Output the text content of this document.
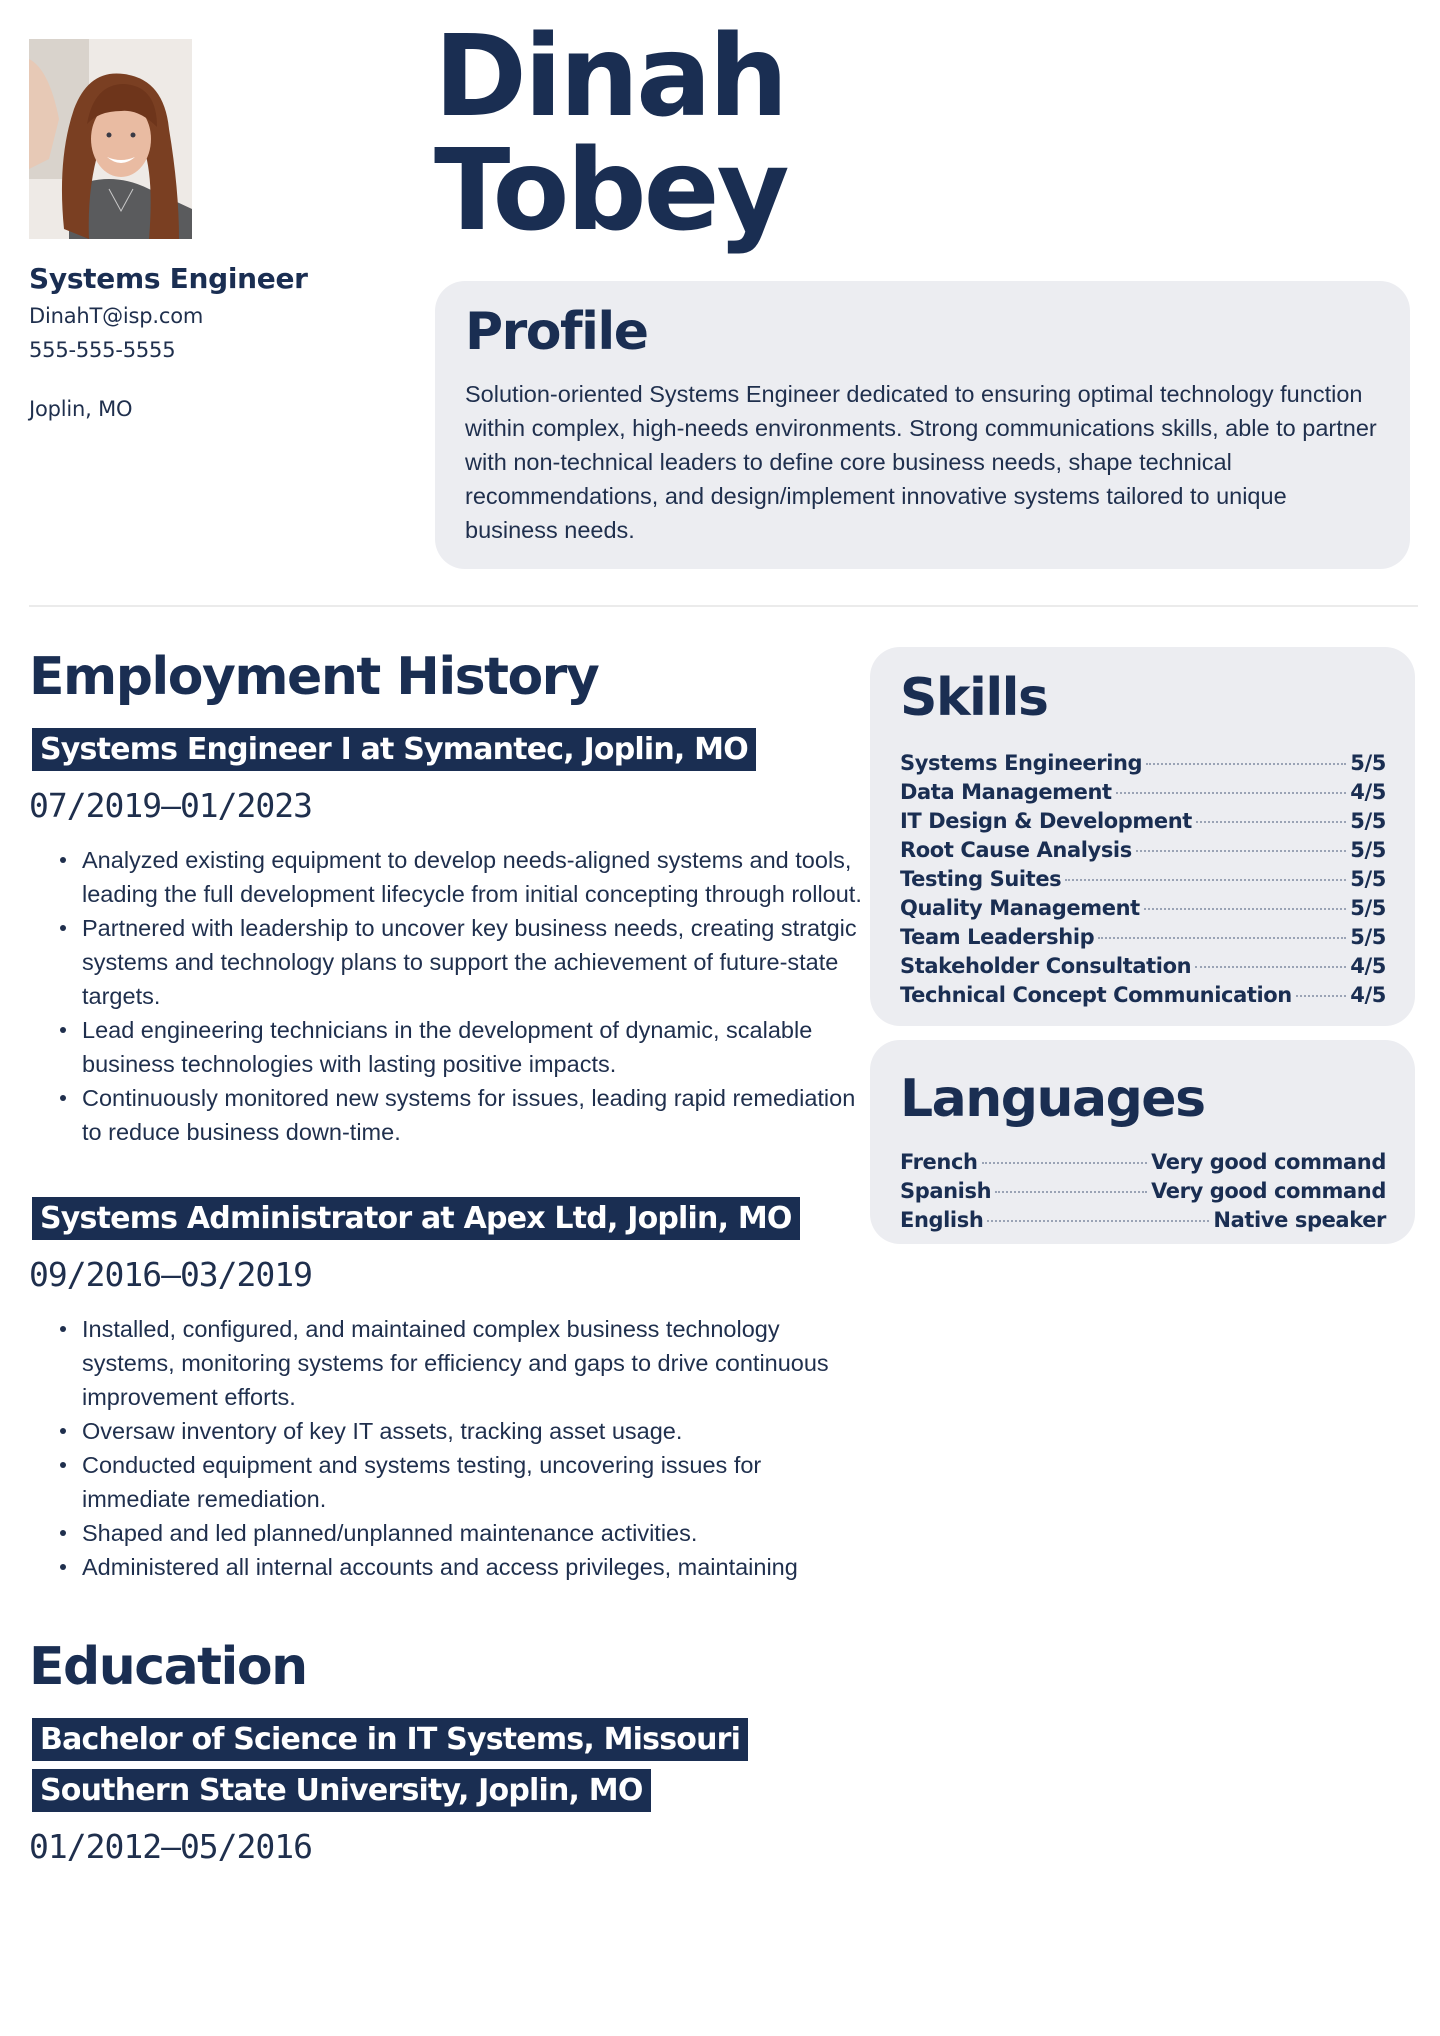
Systems Engineer
DinahT@isp.com
555-555-5555
Joplin, MO
Dinah
Tobey
Profile

Solution-oriented Systems Engineer dedicated to ensuring optimal technology function within complex, high-needs environments. Strong communications skills, able to partner with non-technical leaders to define core business needs, shape technical recommendations, and design/implement innovative systems tailored to unique business needs.

Employment History
Systems Engineer I at Symantec, Joplin, MO
07/2019—01/2023
Analyzed existing equipment to develop needs-aligned systems and tools, leading the full development lifecycle from initial concepting through rollout.
Partnered with leadership to uncover key business needs, creating stratgic systems and technology plans to support the achievement of future-state targets.
Lead engineering technicians in the development of dynamic, scalable business technologies with lasting positive impacts.
Continuously monitored new systems for issues, leading rapid remediation to reduce business down-time.
Systems Administrator at Apex Ltd, Joplin, MO
09/2016—03/2019
Installed, configured, and maintained complex business technology systems, monitoring systems for efficiency and gaps to drive continuous improvement efforts.
Oversaw inventory of key IT assets, tracking asset usage.
Conducted equipment and systems testing, uncovering issues for immediate remediation.
Shaped and led planned/unplanned maintenance activities.
Administered all internal accounts and access privileges, maintaining
Education
Bachelor of Science in IT Systems, Missouri Southern State University, Joplin, MO
01/2012—05/2016
Skills
Systems Engineering	5/5
Data Management	4/5
IT Design & Development	5/5
Root Cause Analysis	5/5
Testing Suites	5/5
Quality Management	5/5
Team Leadership	5/5
Stakeholder Consultation	4/5
Technical Concept Communication	4/5
Languages
French	Very good command
Spanish	Very good command
English	Native speaker
